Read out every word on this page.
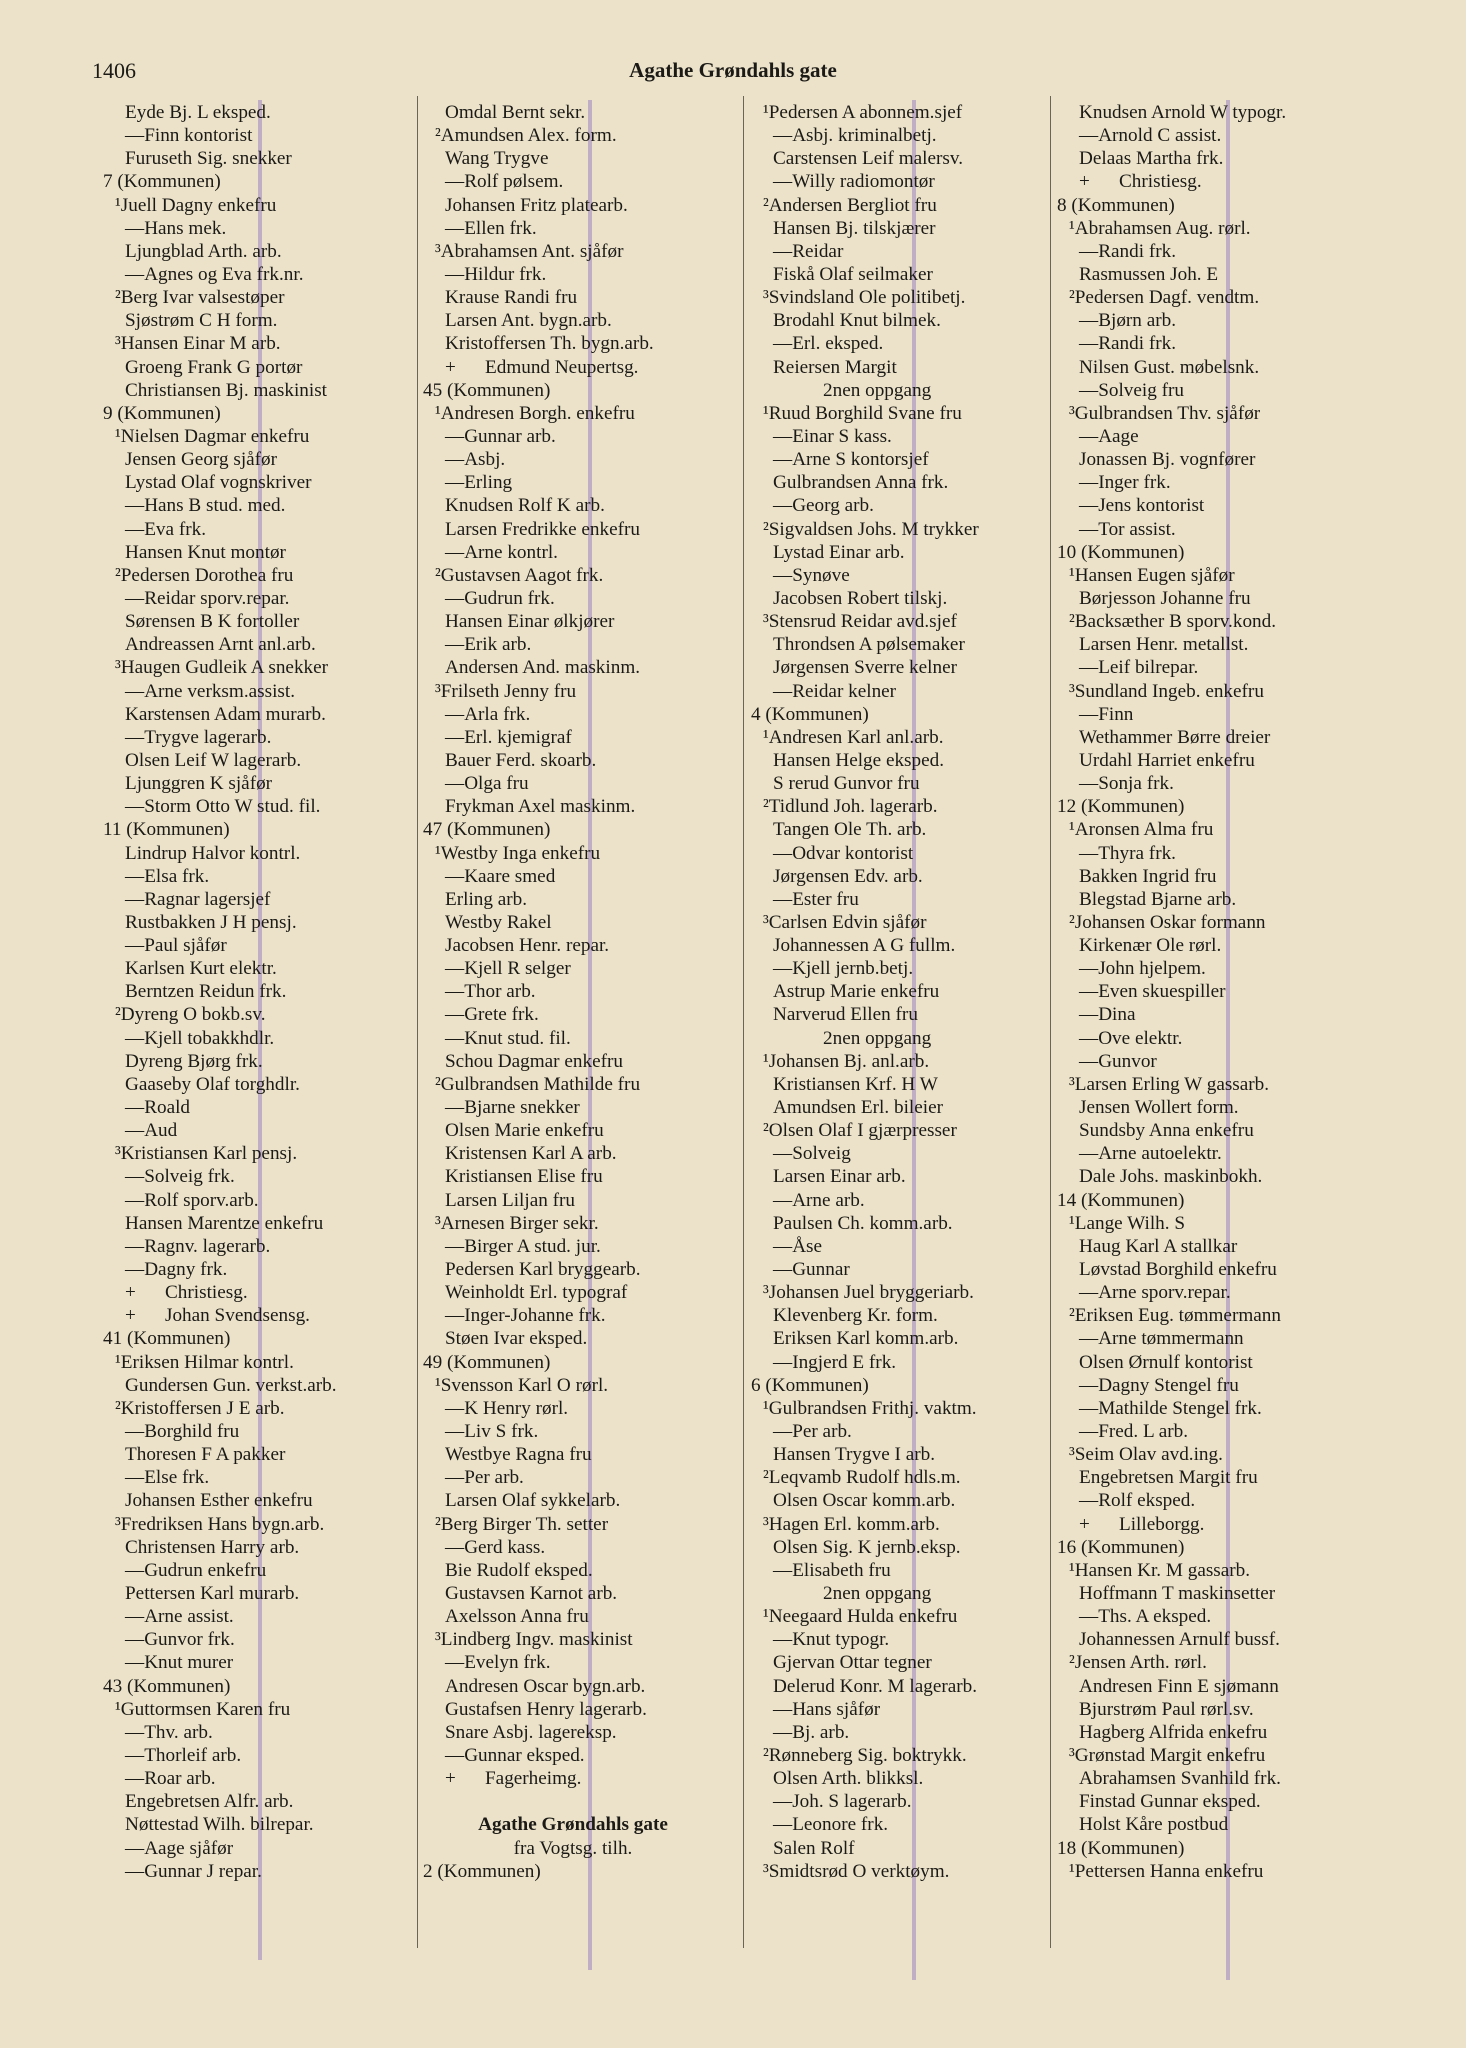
1406	Agathe Grøndahls gate
Eyde Bj. L eksped.
—Finn kontorist
Furuseth Sig. snekker
7 (Kommunen)
¹Juell Dagny enkefru
—Hans mek.
Ljungblad Arth. arb.
—Agnes og Eva frk.nr.
²Berg Ivar valsestøper
Sjøstrøm C H form.
³Hansen Einar M arb.
Groeng Frank G portør
Christiansen Bj. maskinist
9 (Kommunen)
¹Nielsen Dagmar enkefru
Jensen Georg sjåfør
Lystad Olaf vognskriver
—Hans B stud. med.
—Eva frk.
Hansen Knut montør
²Pedersen Dorothea fru
—Reidar sporv.repar.
Sørensen B K fortoller
Andreassen Arnt anl.arb.
³Haugen Gudleik A snekker
—Arne verksm.assist.
Karstensen Adam murarb.
—Trygve lagerarb.
Olsen Leif W lagerarb.
Ljunggren K sjåfør
—Storm Otto W stud. fil.
11 (Kommunen)
Lindrup Halvor kontrl.
—Elsa frk.
—Ragnar lagersjef
Rustbakken J H pensj.
—Paul sjåfør
Karlsen Kurt elektr.
Berntzen Reidun frk.
²Dyreng O bokb.sv.
—Kjell tobakkhdlr.
Dyreng Bjørg frk.
Gaaseby Olaf torghdlr.
—Roald
—Aud
³Kristiansen Karl pensj.
—Solveig frk.
—Rolf sporv.arb.
Hansen Marentze enkefru
—Ragnv. lagerarb.
—Dagny frk.
+ Christiesg.
+ Johan Svendsensg.
41 (Kommunen)
¹Eriksen Hilmar kontrl.
Gundersen Gun. verkst.arb.
²Kristoffersen J E arb.
—Borghild fru
Thoresen F A pakker
—Else frk.
Johansen Esther enkefru
³Fredriksen Hans bygn.arb.
Christensen Harry arb.
—Gudrun enkefru
Pettersen Karl murarb.
—Arne assist.
—Gunvor frk.
—Knut murer
43 (Kommunen)
¹Guttormsen Karen fru
—Thv. arb.
—Thorleif arb.
—Roar arb.
Engebretsen Alfr. arb.
Nøttestad Wilh. bilrepar.
—Aage sjåfør
—Gunnar J repar.
Omdal Bernt sekr.
²Amundsen Alex. form.
Wang Trygve
—Rolf pølsem.
Johansen Fritz platearb.
—Ellen frk.
³Abrahamsen Ant. sjåfør
—Hildur frk.
Krause Randi fru
Larsen Ant. bygn.arb.
Kristoffersen Th. bygn.arb.
+ Edmund Neupertsg.
45 (Kommunen)
¹Andresen Borgh. enkefru
—Gunnar arb.
—Asbj.
—Erling
Knudsen Rolf K arb.
Larsen Fredrikke enkefru
—Arne kontrl.
²Gustavsen Aagot frk.
—Gudrun frk.
Hansen Einar ølkjører
—Erik arb.
Andersen And. maskinm.
³Frilseth Jenny fru
—Arla frk.
—Erl. kjemigraf
Bauer Ferd. skoarb.
—Olga fru
Frykman Axel maskinm.
47 (Kommunen)
¹Westby Inga enkefru
—Kaare smed
Erling arb.
Westby Rakel
Jacobsen Henr. repar.
—Kjell R selger
—Thor arb.
—Grete frk.
—Knut stud. fil.
Schou Dagmar enkefru
²Gulbrandsen Mathilde fru
—Bjarne snekker
Olsen Marie enkefru
Kristensen Karl A arb.
Kristiansen Elise fru
Larsen Liljan fru
³Arnesen Birger sekr.
—Birger A stud. jur.
Pedersen Karl bryggearb.
Weinholdt Erl. typograf
—Inger-Johanne frk.
Støen Ivar eksped.
49 (Kommunen)
¹Svensson Karl O rørl.
—K Henry rørl.
—Liv S frk.
Westbye Ragna fru
—Per arb.
Larsen Olaf sykkelarb.
²Berg Birger Th. setter
—Gerd kass.
Bie Rudolf eksped.
Gustavsen Karnot arb.
Axelsson Anna fru
³Lindberg Ingv. maskinist
—Evelyn frk.
Andresen Oscar bygn.arb.
Gustafsen Henry lagerarb.
Snare Asbj. lagereksp.
—Gunnar eksped.
+ Fagerheimg.
Agathe Grøndahls gate
fra Vogtsg. tilh.
2 (Kommunen)
¹Pedersen A abonnem.sjef
—Asbj. kriminalbetj.
Carstensen Leif malersv.
—Willy radiomontør
²Andersen Bergliot fru
Hansen Bj. tilskjærer
—Reidar
Fiskå Olaf seilmaker
³Svindsland Ole politibetj.
Brodahl Knut bilmek.
—Erl. eksped.
Reiersen Margit
2nen oppgang
¹Ruud Borghild Svane fru
—Einar S kass.
—Arne S kontorsjef
Gulbrandsen Anna frk.
—Georg arb.
²Sigvaldsen Johs. M trykker
Lystad Einar arb.
—Synøve
Jacobsen Robert tilskj.
³Stensrud Reidar avd.sjef
Throndsen A pølsemaker
Jørgensen Sverre kelner
—Reidar kelner
4 (Kommunen)
¹Andresen Karl anl.arb.
Hansen Helge eksped.
S rerud Gunvor fru
²Tidlund Joh. lagerarb.
Tangen Ole Th. arb.
—Odvar kontorist
Jørgensen Edv. arb.
—Ester fru
³Carlsen Edvin sjåfør
Johannessen A G fullm.
—Kjell jernb.betj.
Astrup Marie enkefru
Narverud Ellen fru
2nen oppgang
¹Johansen Bj. anl.arb.
Kristiansen Krf. H W
Amundsen Erl. bileier
²Olsen Olaf I gjærpresser
—Solveig
Larsen Einar arb.
—Arne arb.
Paulsen Ch. komm.arb.
—Åse
—Gunnar
³Johansen Juel bryggeriarb.
Klevenberg Kr. form.
Eriksen Karl komm.arb.
—Ingjerd E frk.
6 (Kommunen)
¹Gulbrandsen Frithj. vaktm.
—Per arb.
Hansen Trygve I arb.
²Leqvamb Rudolf hdls.m.
Olsen Oscar komm.arb.
³Hagen Erl. komm.arb.
Olsen Sig. K jernb.eksp.
—Elisabeth fru
2nen oppgang
¹Neegaard Hulda enkefru
—Knut typogr.
Gjervan Ottar tegner
Delerud Konr. M lagerarb.
—Hans sjåfør
—Bj. arb.
²Rønneberg Sig. boktrykk.
Olsen Arth. blikksl.
—Joh. S lagerarb.
—Leonore frk.
Salen Rolf
³Smidtsrød O verktøym.
Knudsen Arnold W typogr.
—Arnold C assist.
Delaas Martha frk.
+ Christiesg.
8 (Kommunen)
¹Abrahamsen Aug. rørl.
—Randi frk.
Rasmussen Joh. E
²Pedersen Dagf. vendtm.
—Bjørn arb.
—Randi frk.
Nilsen Gust. møbelsnk.
—Solveig fru
³Gulbrandsen Thv. sjåfør
—Aage
Jonassen Bj. vognfører
—Inger frk.
—Jens kontorist
—Tor assist.
10 (Kommunen)
¹Hansen Eugen sjåfør
Børjesson Johanne fru
²Backsæther B sporv.kond.
Larsen Henr. metallst.
—Leif bilrepar.
³Sundland Ingeb. enkefru
—Finn
Wethammer Børre dreier
Urdahl Harriet enkefru
—Sonja frk.
12 (Kommunen)
¹Aronsen Alma fru
—Thyra frk.
Bakken Ingrid fru
Blegstad Bjarne arb.
²Johansen Oskar formann
Kirkenær Ole rørl.
—John hjelpem.
—Even skuespiller
—Dina
—Ove elektr.
—Gunvor
³Larsen Erling W gassarb.
Jensen Wollert form.
Sundsby Anna enkefru
—Arne autoelektr.
Dale Johs. maskinbokh.
14 (Kommunen)
¹Lange Wilh. S
Haug Karl A stallkar
Løvstad Borghild enkefru
—Arne sporv.repar.
²Eriksen Eug. tømmermann
—Arne tømmermann
Olsen Ørnulf kontorist
—Dagny Stengel fru
—Mathilde Stengel frk.
—Fred. L arb.
³Seim Olav avd.ing.
Engebretsen Margit fru
—Rolf eksped.
+ Lilleborgg.
16 (Kommunen)
¹Hansen Kr. M gassarb.
Hoffmann T maskinsetter
—Ths. A eksped.
Johannessen Arnulf bussf.
²Jensen Arth. rørl.
Andresen Finn E sjømann
Bjurstrøm Paul rørl.sv.
Hagberg Alfrida enkefru
³Grønstad Margit enkefru
Abrahamsen Svanhild frk.
Finstad Gunnar eksped.
Holst Kåre postbud
18 (Kommunen)
¹Pettersen Hanna enkefru
